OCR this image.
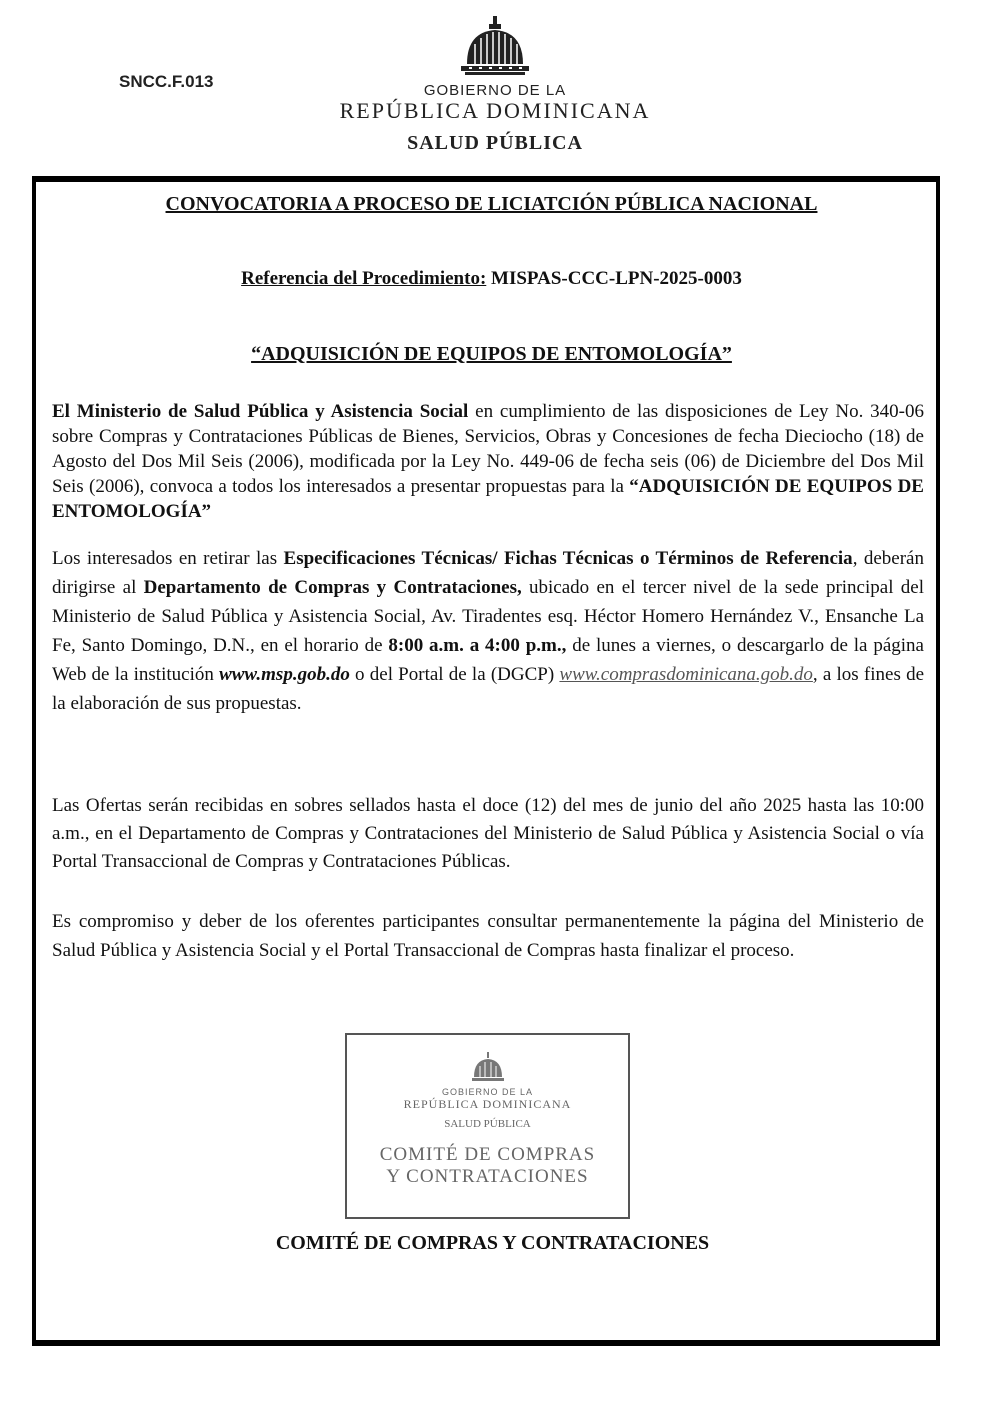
SNCC.F.013	GOBIERNO DE LA
REPÚBLICA DOMINICANA
SALUD PÚBLICA
CONVOCATORIA A PROCESO DE LICIATCIÓN PÚBLICA NACIONAL
Referencia del Procedimiento: MISPAS-CCC-LPN-2025-0003
“ADQUISICIÓN DE EQUIPOS DE ENTOMOLOGÍA”
El Ministerio de Salud Pública y Asistencia Social en cumplimiento de las disposiciones de Ley No. 340-06 sobre Compras y Contrataciones Públicas de Bienes, Servicios, Obras y Concesiones de fecha Dieciocho (18) de Agosto del Dos Mil Seis (2006), modificada por la Ley No. 449-06 de fecha seis (06) de Diciembre del Dos Mil Seis (2006), convoca a todos los interesados a presentar propuestas para la “ADQUISICIÓN DE EQUIPOS DE ENTOMOLOGÍA”
Los interesados en retirar las Especificaciones Técnicas/ Fichas Técnicas o Términos de Referencia, deberán dirigirse al Departamento de Compras y Contrataciones, ubicado en el tercer nivel de la sede principal del Ministerio de Salud Pública y Asistencia Social, Av. Tiradentes esq. Héctor Homero Hernández V., Ensanche La Fe, Santo Domingo, D.N., en el horario de 8:00 a.m. a 4:00 p.m., de lunes a viernes, o descargarlo de la página Web de la institución www.msp.gob.do o del Portal de la (DGCP) www.comprasdominicana.gob.do, a los fines de la elaboración de sus propuestas.
Las Ofertas serán recibidas en sobres sellados hasta el doce (12) del mes de junio del año 2025 hasta las 10:00 a.m., en el Departamento de Compras y Contrataciones del Ministerio de Salud Pública y Asistencia Social o vía Portal Transaccional de Compras y Contrataciones Públicas.
Es compromiso y deber de los oferentes participantes consultar permanentemente la página del Ministerio de Salud Pública y Asistencia Social y el Portal Transaccional de Compras hasta finalizar el proceso.
GOBIERNO DE LA
REPÚBLICA DOMINICANA
SALUD PÚBLICA
COMITÉ DE COMPRAS
Y CONTRATACIONES
COMITÉ DE COMPRAS Y CONTRATACIONES
